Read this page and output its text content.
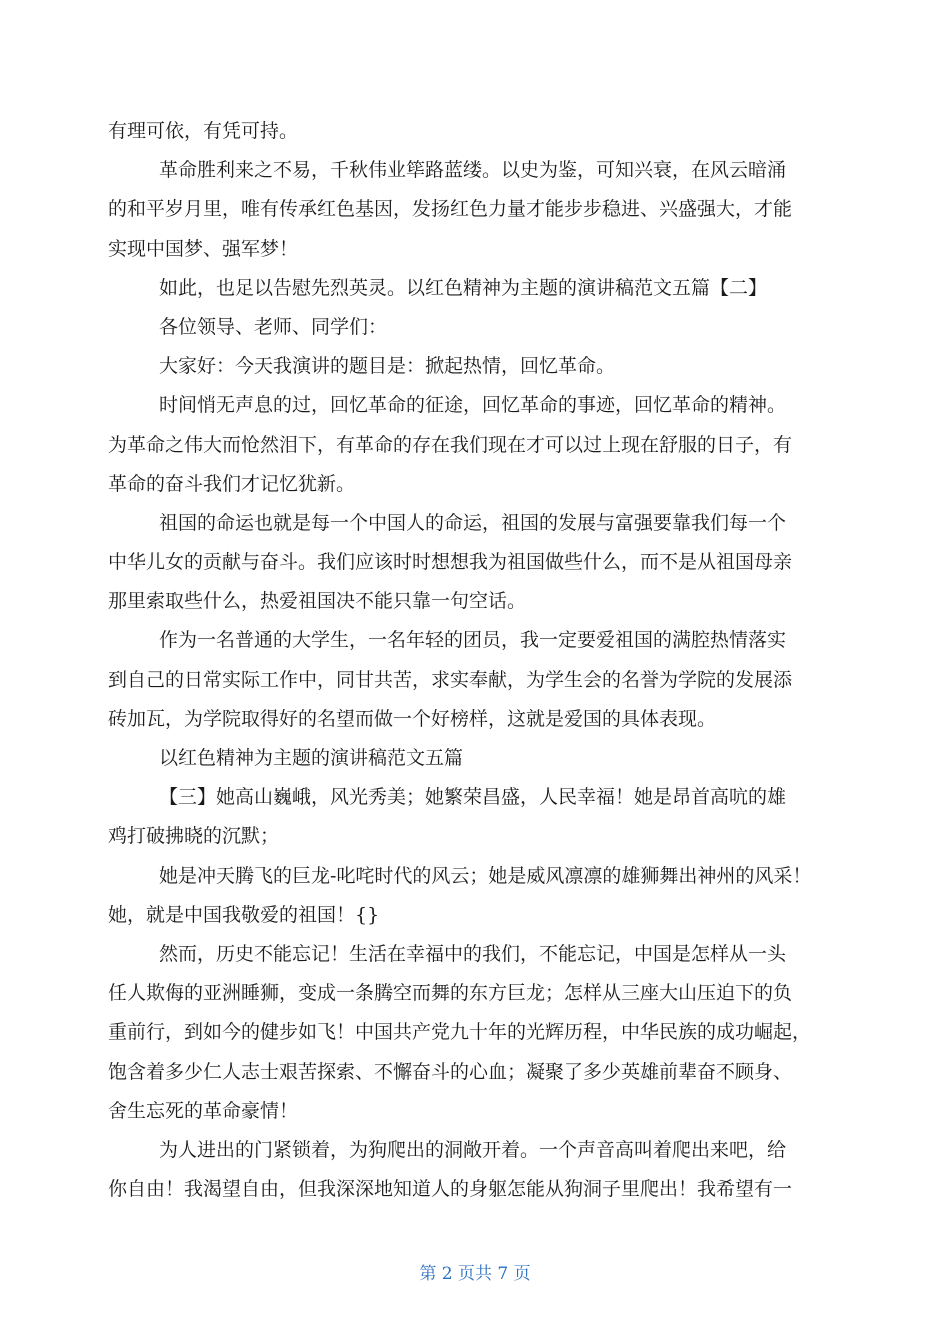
有理可依，有凭可持。
革命胜利来之不易，千秋伟业筚路蓝缕。以史为鉴，可知兴衰，在风云暗涌
的和平岁月里，唯有传承红色基因，发扬红色力量才能步步稳进、兴盛强大，才能
实现中国梦、强军梦！
如此，也足以告慰先烈英灵。以红色精神为主题的演讲稿范文五篇【二】
各位领导、老师、同学们：
大家好：今天我演讲的题目是：掀起热情，回忆革命。
时间悄无声息的过，回忆革命的征途，回忆革命的事迹，回忆革命的精神。
为革命之伟大而怆然泪下，有革命的存在我们现在才可以过上现在舒服的日子，有
革命的奋斗我们才记忆犹新。
祖国的命运也就是每一个中国人的命运，祖国的发展与富强要靠我们每一个
中华儿女的贡献与奋斗。我们应该时时想想我为祖国做些什么，而不是从祖国母亲
那里索取些什么，热爱祖国决不能只靠一句空话。
作为一名普通的大学生，一名年轻的团员，我一定要爱祖国的满腔热情落实
到自己的日常实际工作中，同甘共苦，求实奉献，为学生会的名誉为学院的发展添
砖加瓦，为学院取得好的名望而做一个好榜样，这就是爱国的具体表现。
以红色精神为主题的演讲稿范文五篇
【三】她高山巍峨，风光秀美；她繁荣昌盛，人民幸福！她是昂首高吭的雄
鸡打破拂晓的沉默；
她是冲天腾飞的巨龙-叱咤时代的风云；她是威风凛凛的雄狮舞出神州的风采！
她，就是中国我敬爱的祖国！{}
然而，历史不能忘记！生活在幸福中的我们，不能忘记，中国是怎样从一头
任人欺侮的亚洲睡狮，变成一条腾空而舞的东方巨龙；怎样从三座大山压迫下的负
重前行，到如今的健步如飞！中国共产党九十年的光辉历程，中华民族的成功崛起，
饱含着多少仁人志士艰苦探索、不懈奋斗的心血；凝聚了多少英雄前辈奋不顾身、
舍生忘死的革命豪情！
为人进出的门紧锁着，为狗爬出的洞敞开着。一个声音高叫着爬出来吧，给
你自由！我渴望自由，但我深深地知道人的身躯怎能从狗洞子里爬出！我希望有一
第 2 页共 7 页
